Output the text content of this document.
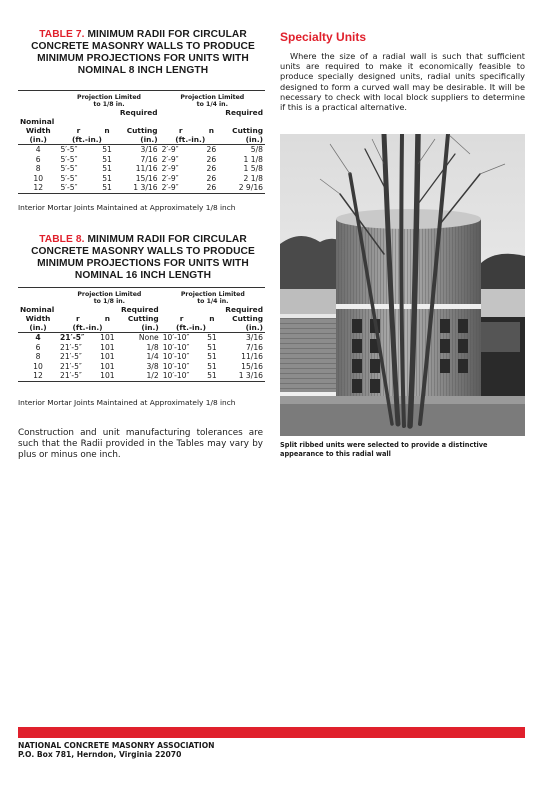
TABLE 7. MINIMUM RADII FOR CIRCULAR CONCRETE MASONRY WALLS TO PRODUCE MINIMUM PROJECTIONS FOR UNITS WITH NOMINAL 8 INCH LENGTH
	Projection Limited
to 1/8 in.			Projection Limited
to 1/4 in.		
			Required			Required
Nominal						
Width	r	n	Cutting	r	n	Cutting
(in.)	(ft.-in.)		(in.)	(ft.-in.)		(in.)
4	5′-5″	51	3/16	2′-9″	26	5/8
6	5′-5″	51	7/16	2′-9″	26	1 1/8
8	5′-5″	51	11/16	2′-9″	26	1 5/8
10	5′-5″	51	15/16	2′-9″	26	2 1/8
12	5′-5″	51	1 3/16	2′-9″	26	2 9/16
Interior Mortar Joints Maintained at Approximately 1/8 inch
TABLE 8. MINIMUM RADII FOR CIRCULAR CONCRETE MASONRY WALLS TO PRODUCE MINIMUM PROJECTIONS FOR UNITS WITH NOMINAL 16 INCH LENGTH
	Projection Limited
to 1/8 in.			Projection Limited
to 1/4 in.		
Nominal			Required			Required
Width	r	n	Cutting	r	n	Cutting
(in.)	(ft.-in.)		(in.)	(ft.-in.)		(in.)
4	21′-5″	101	None	10′-10″	51	3/16
6	21′-5″	101	1/8	10′-10″	51	7/16
8	21′-5″	101	1/4	10′-10″	51	11/16
10	21′-5″	101	3/8	10′-10″	51	15/16
12	21′-5″	101	1/2	10′-10″	51	1 3/16
Interior Mortar Joints Maintained at Approximately 1/8 inch
Construction and unit manufacturing tolerances are such that the Radii provided in the Tables may vary by plus or minus one inch.
Specialty Units
Where the size of a radial wall is such that sufficient units are required to make it economically feasible to produce specially designed units, radial units specifically designed to form a curved wall may be desirable. It will be necessary to check with local block suppliers to determine if this is a practical alternative.
Split ribbed units were selected to provide a distinctive appearance to this radial wall
NATIONAL CONCRETE MASONRY ASSOCIATION
P.O. Box 781, Herndon, Virginia 22070
